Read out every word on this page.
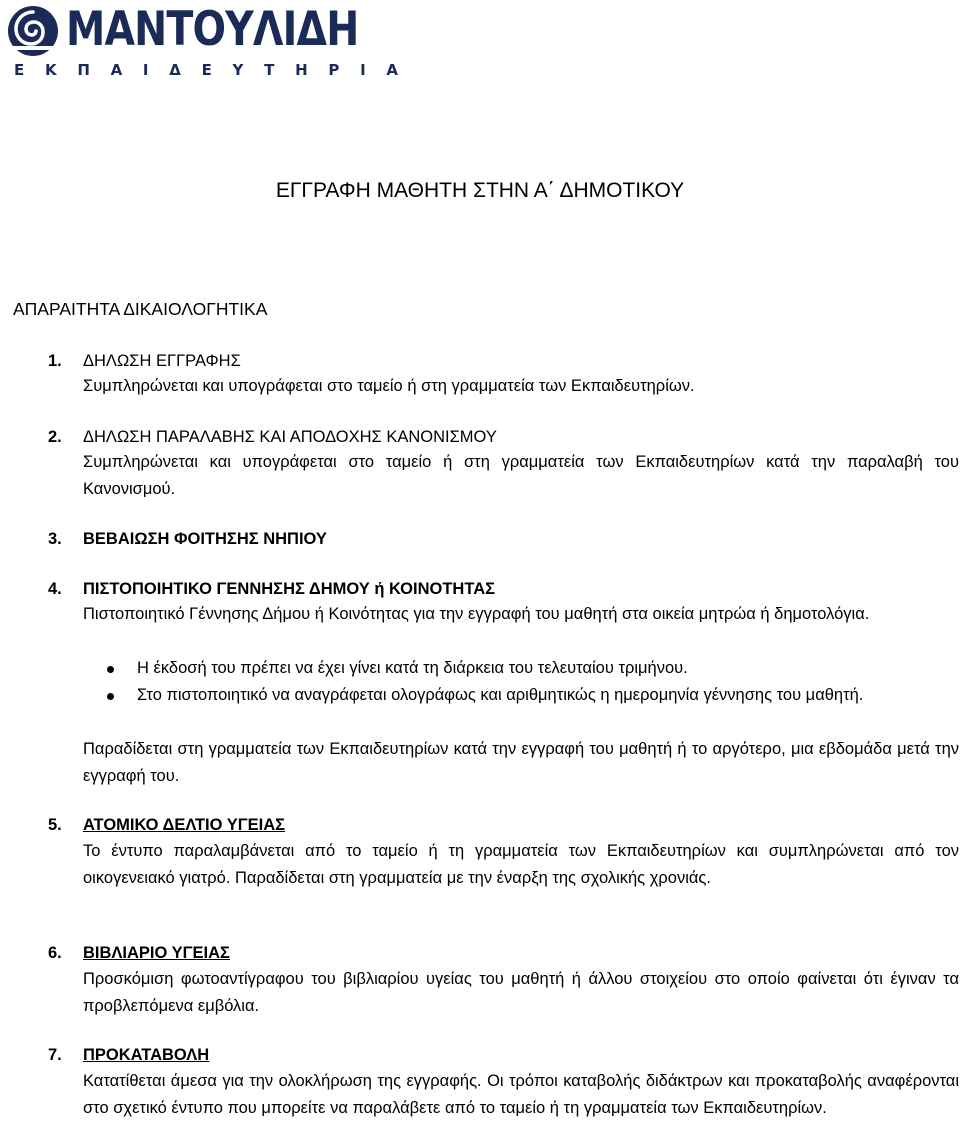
ΜΑΝΤΟΥΛΙΔΗ
Ε Κ Π Α Ι Δ Ε Υ Τ Η Ρ Ι Α
ΕΓΓΡΑΦΗ ΜΑΘΗΤΗ ΣΤΗΝ Α΄ ΔΗΜΟΤΙΚΟΥ
ΑΠΑΡΑΙΤΗΤΑ ΔΙΚΑΙΟΛΟΓΗΤΙΚΑ
1. ΔΗΛΩΣΗ ΕΓΓΡΑΦΗΣ

Συμπληρώνεται και υπογράφεται στο ταμείο ή στη γραμματεία των Εκπαιδευτηρίων.

2. ΔΗΛΩΣΗ ΠΑΡΑΛΑΒΗΣ ΚΑΙ ΑΠΟΔΟΧΗΣ ΚΑΝΟΝΙΣΜΟΥ

Συμπληρώνεται και υπογράφεται στο ταμείο ή στη γραμματεία των Εκπαιδευτηρίων κατά την παραλαβή του Κανονισμού.

3. ΒΕΒΑΙΩΣΗ ΦΟΙΤΗΣΗΣ ΝΗΠΙΟΥ
4. ΠΙΣΤΟΠΟΙΗΤΙΚΟ ΓΕΝΝΗΣΗΣ ΔΗΜΟΥ ή ΚΟΙΝΟΤΗΤΑΣ

Πιστοποιητικό Γέννησης Δήμου ή Κοινότητας για την εγγραφή του μαθητή στα οικεία μητρώα ή δημοτολόγια.

Η έκδοσή του πρέπει να έχει γίνει κατά τη διάρκεια του τελευταίου τριμήνου.
Στο πιστοποιητικό να αναγράφεται ολογράφως και αριθμητικώς η ημερομηνία γέννησης του μαθητή.

Παραδίδεται στη γραμματεία των Εκπαιδευτηρίων κατά την εγγραφή του μαθητή ή το αργότερο, μια εβδομάδα μετά την εγγραφή του.

5. ΑΤΟΜΙΚΟ ΔΕΛΤΙΟ ΥΓΕΙΑΣ

Το έντυπο παραλαμβάνεται από το ταμείο ή τη γραμματεία των Εκπαιδευτηρίων και συμπληρώνεται από τον οικογενειακό γιατρό. Παραδίδεται στη γραμματεία με την έναρξη της σχολικής χρονιάς.

6. ΒΙΒΛΙΑΡΙΟ ΥΓΕΙΑΣ

Προσκόμιση φωτοαντίγραφου του βιβλιαρίου υγείας του μαθητή ή άλλου στοιχείου στο οποίο φαίνεται ότι έγιναν τα προβλεπόμενα εμβόλια.

7. ΠΡΟΚΑΤΑΒΟΛΗ

Κατατίθεται άμεσα για την ολοκλήρωση της εγγραφής. Οι τρόποι καταβολής διδάκτρων και προκαταβολής αναφέρονται στο σχετικό έντυπο που μπορείτε να παραλάβετε από το ταμείο ή τη γραμματεία των Εκπαιδευτηρίων.
